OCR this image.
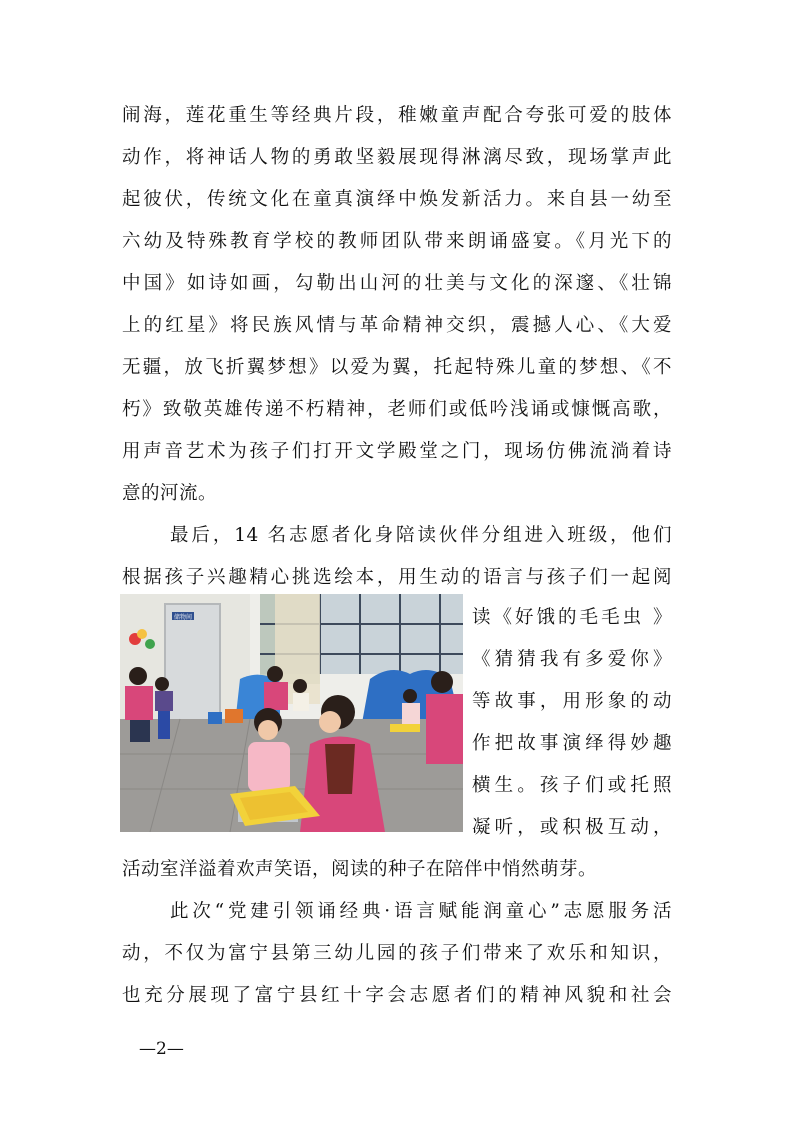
闹海，莲花重生等经典片段，稚嫩童声配合夸张可爱的肢体
动作，将神话人物的勇敢坚毅展现得淋漓尽致，现场掌声此
起彼伏，传统文化在童真演绎中焕发新活力。来自县一幼至
六幼及特殊教育学校的教师团队带来朗诵盛宴。《月光下的
中国》如诗如画，勾勒出山河的壮美与文化的深邃、《壮锦
上的红星》将民族风情与革命精神交织，震撼人心、《大爱
无疆，放飞折翼梦想》以爱为翼，托起特殊儿童的梦想、《不
朽》致敬英雄传递不朽精神，老师们或低吟浅诵或慷慨高歌，
用声音艺术为孩子们打开文学殿堂之门，现场仿佛流淌着诗
意的河流。
最后，14 名志愿者化身陪读伙伴分组进入班级，他们
根据孩子兴趣精心挑选绘本，用生动的语言与孩子们一起阅
读《好饿的毛毛虫 》
《猜猜我有多爱你》
等故事，用形象的动
作把故事演绎得妙趣
横生。孩子们或托照
凝听，或积极互动，
活动室洋溢着欢声笑语，阅读的种子在陪伴中悄然萌芽。
储物间
此次“党建引领诵经典·语言赋能润童心”志愿服务活
动，不仅为富宁县第三幼儿园的孩子们带来了欢乐和知识，
也充分展现了富宁县红十字会志愿者们的精神风貌和社会
—2—
